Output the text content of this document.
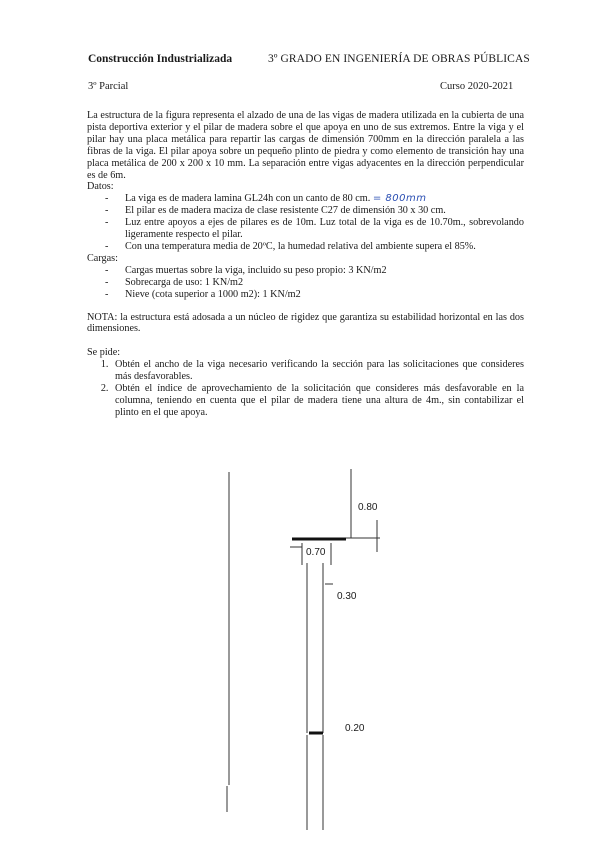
Construcción Industrializada	3º GRADO EN INGENIERÍA DE OBRAS PÚBLICAS
3º Parcial	Curso 2020-2021

La estructura de la figura representa el alzado de una de las vigas de madera utilizada en la cubierta de una pista deportiva exterior y el pilar de madera sobre el que apoya en uno de sus extremos. Entre la viga y el pilar hay una placa metálica para repartir las cargas de dimensión 700mm en la dirección paralela a las fibras de la viga. El pilar apoya sobre un pequeño plinto de piedra y como elemento de transición hay una placa metálica de 200 x 200 x 10 mm. La separación entre vigas adyacentes en la dirección perpendicular es de 6m.

Datos:

- La viga es de madera lamina GL24h con un canto de 80 cm. = 800mm
- El pilar es de madera maciza de clase resistente C27 de dimensión 30 x 30 cm.
- Luz entre apoyos a ejes de pilares es de 10m. Luz total de la viga es de 10.70m., sobrevolando ligeramente respecto el pilar.
- Con una temperatura media de 20ºC, la humedad relativa del ambiente supera el 85%.

Cargas:

- Cargas muertas sobre la viga, incluido su peso propio: 3 KN/m2
- Sobrecarga de uso: 1 KN/m2
- Nieve (cota superior a 1000 m2): 1 KN/m2

NOTA: la estructura está adosada a un núcleo de rigidez que garantiza su estabilidad horizontal en las dos dimensiones.

Se pide:

1. Obtén el ancho de la viga necesario verificando la sección para las solicitaciones que consideres más desfavorables.
2. Obtén el índice de aprovechamiento de la solicitación que consideres más desfavorable en la columna, teniendo en cuenta que el pilar de madera tiene una altura de 4m., sin contabilizar el plinto en el que apoya.
0.80
0.70
0.30
0.20
